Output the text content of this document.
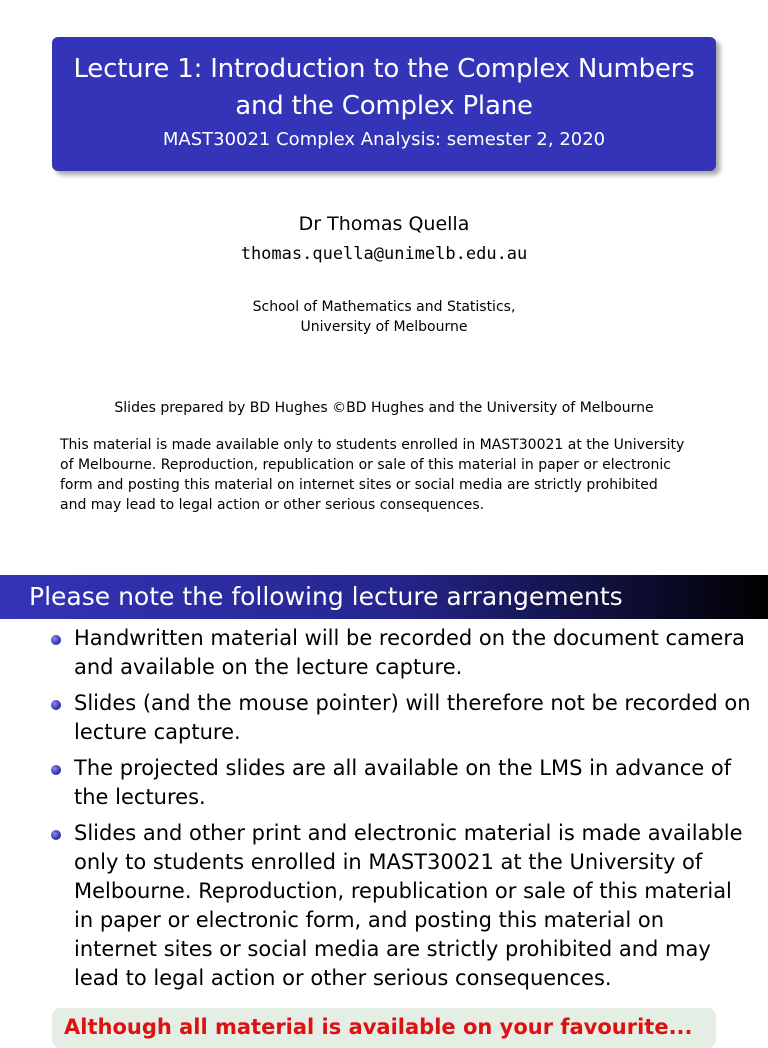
Lecture 1: Introduction to the Complex Numbers
and the Complex Plane
MAST30021 Complex Analysis: semester 2, 2020
Dr Thomas Quella
thomas.quella@unimelb.edu.au
School of Mathematics and Statistics,
University of Melbourne
Slides prepared by BD Hughes ©BD Hughes and the University of Melbourne
This material is made available only to students enrolled in MAST30021 at the University
of Melbourne. Reproduction, republication or sale of this material in paper or electronic
form and posting this material on internet sites or social media are strictly prohibited
and may lead to legal action or other serious consequences.
Please note the following lecture arrangements
Handwritten material will be recorded on the document camera and available on the lecture capture.
Slides (and the mouse pointer) will therefore not be recorded on lecture capture.
The projected slides are all available on the LMS in advance of the lectures.
Slides and other print and electronic material is made available only to students enrolled in MAST30021 at the University of Melbourne. Reproduction, republication or sale of this material in paper or electronic form, and posting this material on internet sites or social media are strictly prohibited and may lead to legal action or other serious consequences.
Although all material is available on your favourite...
